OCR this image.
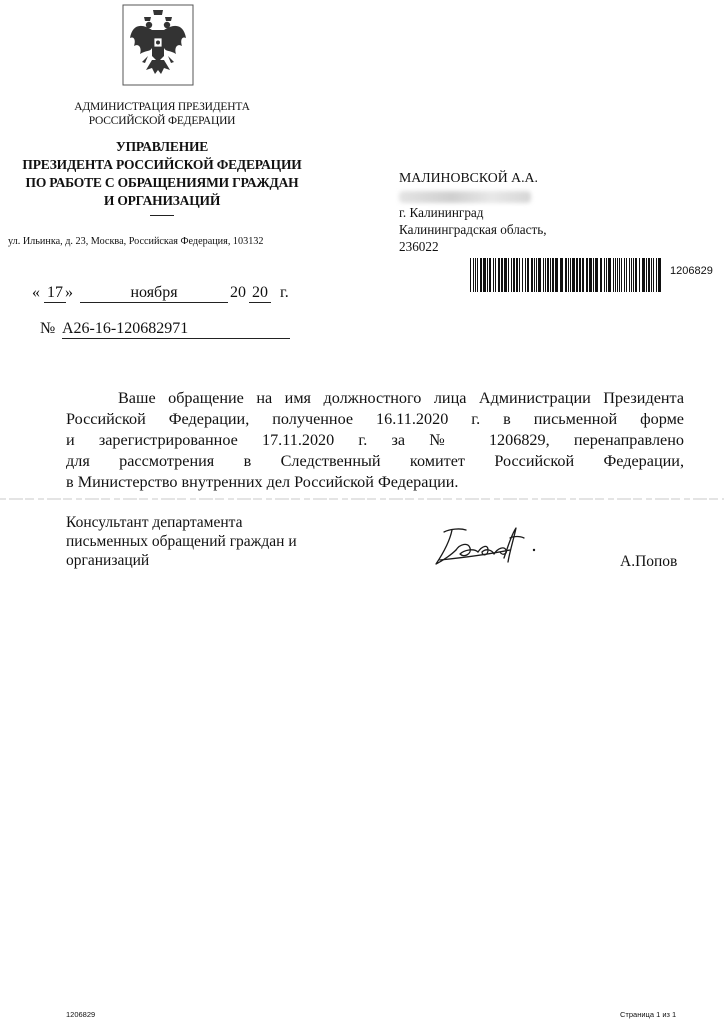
АДМИНИСТРАЦИЯ ПРЕЗИДЕНТА
РОССИЙСКОЙ ФЕДЕРАЦИИ
УПРАВЛЕНИЕ
ПРЕЗИДЕНТА РОССИЙСКОЙ ФЕДЕРАЦИИ
ПО РАБОТЕ С ОБРАЩЕНИЯМИ ГРАЖДАН
И ОРГАНИЗАЦИЙ
ул. Ильинка, д. 23, Москва, Российская Федерация, 103132
« 17 »	ноября	20 20 г.
№ А26-16-120682971
МАЛИНОВСКОЙ А.А.
г. Калининград
Калининградская область,
236022
1206829
Ваше обращение на имя должностного лица Администрации Президента
Российской Федерации, полученное 16.11.2020 г. в письменной форме
и зарегистрированное 17.11.2020 г. за № 1206829, перенаправлено
для рассмотрения в Следственный комитет Российской Федерации,
в Министерство внутренних дел Российской Федерации.
Консультант департамента
письменных обращений граждан и
организаций	А.Попов
1206829	Страница 1 из 1
